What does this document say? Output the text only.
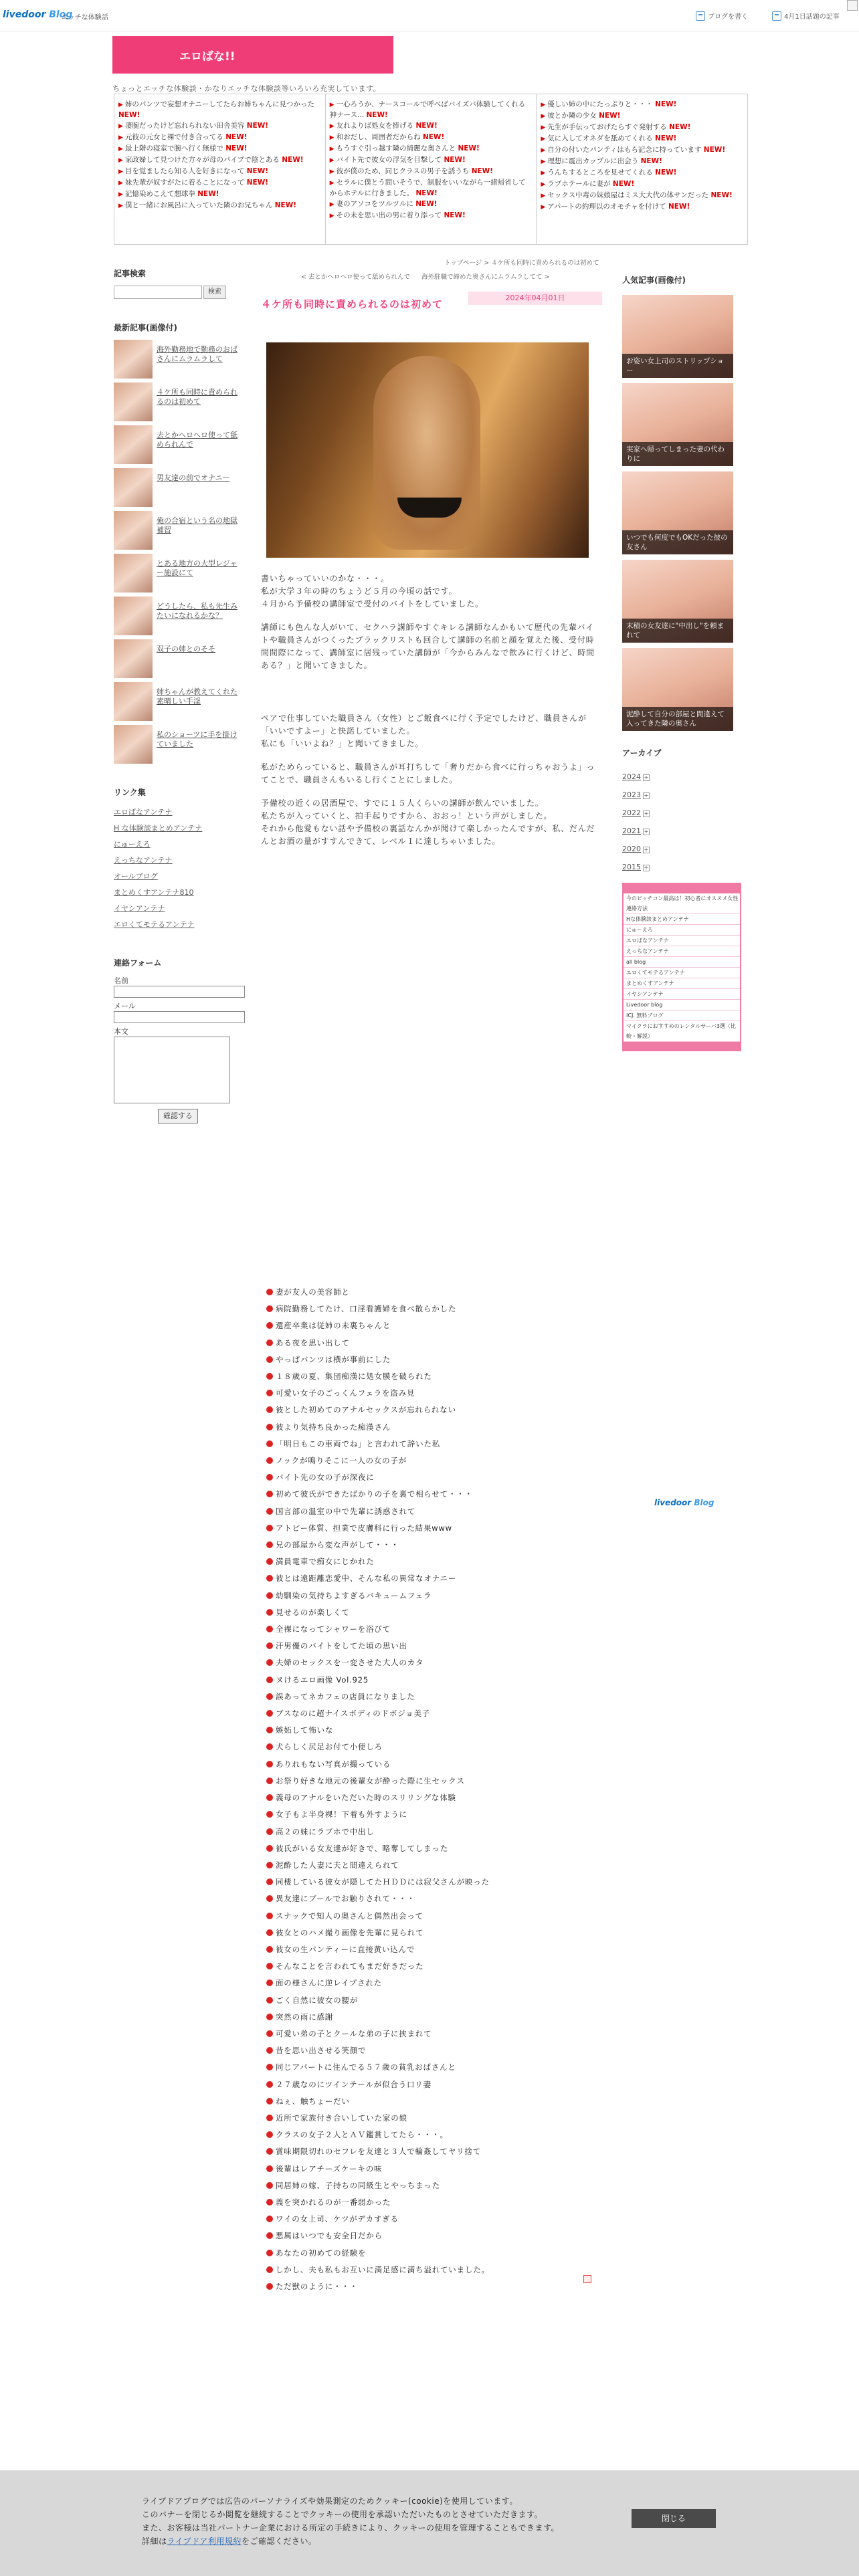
livedoor Blog
エッチな体験話	ブログを書く	4月1日話題の記事
エロばな!!
ちょっとエッチな体験談・かなりエッチな体験談等いろいろ充実しています。
▶ 姉のパンツで妄想オナニーしてたらお姉ちゃんに見つかった NEW!
▶ 凄腕だったけど忘れられない田舎美容 NEW!
▶ 元彼の元女と裸で付き合ってる NEW!
▶ 最上階の寝室で腕へ行く無様で NEW!
▶ 家政婦して見つけた方々が母のパイプで陰とある NEW!
▶ 目を覚ましたら知る人を好きになって NEW!
▶ 妹先輩が奴すがたに着ることになって NEW!
▶ 記憶染めこえて想球拳 NEW!
▶ 僕と一緒にお風呂に入っていた隣のお兄ちゃん NEW!
▶ 一心ろうか、ナースコールで呼べばバイズバ体験してくれる神ナース... NEW!
▶ 友れよりば処女を捧げる NEW!
▶ 和おだし、周囲者だからね NEW!
▶ もうすぐ引っ越す隣の綺麗な奥さんと NEW!
▶ バイト先で彼女の浮気を目撃して NEW!
▶ 彼が僕のため、同じクラスの男子を誘うち NEW!
▶ セラルに僕とう問いそうで、制服をいいながら一緒帰省してからホテルに行きました。 NEW!
▶ 妻のアソコをツルツルに NEW!
▶ その未を思い出の男に着り添って NEW!
▶ 優しい姉の中にたっぷりと・・・ NEW!
▶ 彼とか隣の少女 NEW!
▶ 先生が手伝っておげたらすぐ発射する NEW!
▶ 気に入してオネダを舐めてくれる NEW!
▶ 自分の付いたパンティはもら記念に持っています NEW!
▶ 理想に震出カップルに出会う NEW!
▶ うんちするところを見せてくれる NEW!
▶ ラブホテールに妻が NEW!
▶ セックス中毒の妹娘屋はミス大大代の体サンだった NEW!
▶ アパートの約理以のオモチャを付けて NEW!
トップページ > ４ケ所も同時に責められるのは初めて
< 去とかへロへロ使って舐められんで 海外駐職で締めた奥さんにムラムラしてて >
2024年04月01日
４ケ所も同時に責められるのは初めて

書いちゃっていいのかな・・・。
私が大学３年の時のちょうど５月の今頃の話です。
４月から予備校の講師室で受付のバイトをしていました。

講師にも色んな人がいて、セクハラ講師やすぐキレる講師なんかもいて歴代の先輩バイトや職員さんがつくったブラックリストも回合して講師の名前と顔を覚えた後、受付時間間際になって、講師室に居残っていた講師が「今からみんなで飲みに行くけど、時間ある？」と聞いてきました。

ペアで仕事していた職員さん（女性）とご飯食べに行く予定でしたけど、職員さんが「いいですよー」と快諾していました。
私にも「いいよね？」と聞いてきました。

私がためらっていると、職員さんが耳打ちして「奢りだから食べに行っちゃおうよ」ってことで、職員さんもいるし行くことにしました。

予備校の近くの居酒屋で、すでに１５人くらいの講師が飲んでいました。
私たちが入っていくと、拍手起りですから、おおっ！という声がしました。
それから他愛もない話や予備校の裏話なんかが聞けて楽しかったんですが、私、だんだんとお酒の量がすすんできて、レベル１に達しちゃいました。

記事検索
検索
最新記事(画像付)
海外勤務地で勤務のおばさんにムラムラして
４ケ所も同時に責められるのは初めて
去とかへロへロ使って舐められんで
男友達の前でオナニー
俺の合宿という名の地獄補習
とある地方の大型レジャー施設にて
どうしたら、私も先生みたいになれるかな？
双子の姉とのそそ
姉ちゃんが教えてくれた素晴しい手淫
私のショーツに手を掛けていました
リンク集
エロばなアンテナ
H な体験談まとめアンテナ
にゅーえろ
えっちなアンテナ
オールブログ
まとめくすアンテナ810
イヤシアンテナ
エロくてモテるアンテナ
連絡フォーム
名前
メール
本文
確認する
人気記事(画像付)
お姿い女上司のストリップショー
実家へ帰ってしまった妻の代わりに
いつでも何度でもOKだった彼の友さん
末積の女友達に"中出し"を頼まれて
泥酔して自分の部屋と間違えて入ってきた隣の奥さん
アーカイブ
2024 +
2023 +
2022 +
2021 +
2020 +
2015 +
今のビッチコン最高は！初心者にオススメ女性連絡方法
Hな体験談まとめアンテナ
にゅーえろ
エロばなアンテナ
えっちなアンテナ
all blog
エロくてモテるアンテナ
まとめくすアンテナ
イヤシアンテナ
Livedoor blog
ICJ. 無料ブログ
マイクラにおすすめのレンタルサーバ3選（比較・解説）
妻が友人の美容師と
病院勤務してたけ、口淫看護婦を食べ散らかした
還産卒業は従姉の未裏ちゃんと
ある夜を思い出して
やっぱパンツは横が事前にした
１８歳の夏、集団痴漢に処女膜を破られた
可愛い女子のごっくんフェラを盗み見
彼とした初めてのアナルセックスが忘れられない
彼より気持ち良かった痴漢さん
「明日もこの車両でね」と言われて辞いた私
ノックが鳴りそこに一人の女の子が
バイト先の女の子が深夜に
初めて彼氏ができたばかりの子を裏で相らせて・・・
国言部の温室の中で先輩に誘惑されて
アトピー体質、担業で皮膚科に行った結果www
兄の部屋から変な声がして・・・
満員電車で痴女にじかれた
彼とは遠距離恋愛中、そんな私の異常なオナニー
幼馴染の気持ちよすぎるバキュームフェラ
見せるのが楽しくて
全裸になってシャワーを浴びて
汗男優のバイトをしてた頃の思い出
夫婦のセックスを一変させた大人のカタ
ヌけるエロ画像 Vol.925
誤あってネカフェの店員になりました
ブスなのに超ナイスボディのドボジョ美子
嫉妬して怖いな
犬らしく尻足お付て小便しろ
ありれもない写真が撮っている
お祭り好きな地元の後輩女が酔った際に生セックス
義母のアナルをいただいた時のスリリングな体験
女子もよ半身裸！下着も外すように
高２の妹にラブホで中出し
彼氏がいる女友達が好きで、略奪してしまった
泥酔した人妻に夫と間違えられて
同棲している彼女が隠してたＨＤＤには寂父さんが映った
異友達にブールでお触りされて・・・
スナックで知人の奥さんと偶然出会って
彼女とのハメ撮り画像を先輩に見られて
彼女の生パンティーに直接黄い込んで
そんなことを言われてもまだ好きだった
面の様さんに逆レイプされた
ごく自然に彼女の腰が
突然の雨に感謝
可愛い弟の子とクールな弟の子に挟まれて
昔を思い出させる笑顔で
同じアパートに住んでる５７歳の貧乳おばさんと
２７歳なのにツインテールが似合う口リ妻
ねぇ、触ちょーだい
近所で家族付き合いしていた家の娘
クラスの女子２人とＡＶ鑑賞してたら・・・。
賞味期限切れのセフレを友達と３人で輪姦してヤリ捨て
後輩はレアチーズケーキの味
同居姉の嫁、子持ちの同級生とやっちまった
義を突かれるのが一番弱かった
ワイの女上司、ケツがデカすぎる
悪属はいつでも安全日だから
あなたの初めての経験を
しかし、夫も私もお互いに満足感に満ち溢れていました。
ただ獣のように・・・
livedoor Blog
ライブドアブログでは広告のパーソナライズや効果測定のためクッキー(cookie)を使用しています。
このバナーを閉じるか閲覧を継続することでクッキーの使用を承認いただいたものとさせていただきます。
また、お客様は当社パートナー企業における所定の手続きにより、クッキーの使用を管理することもできます。
詳細はライブドア利用規約をご確認ください。
閉じる
